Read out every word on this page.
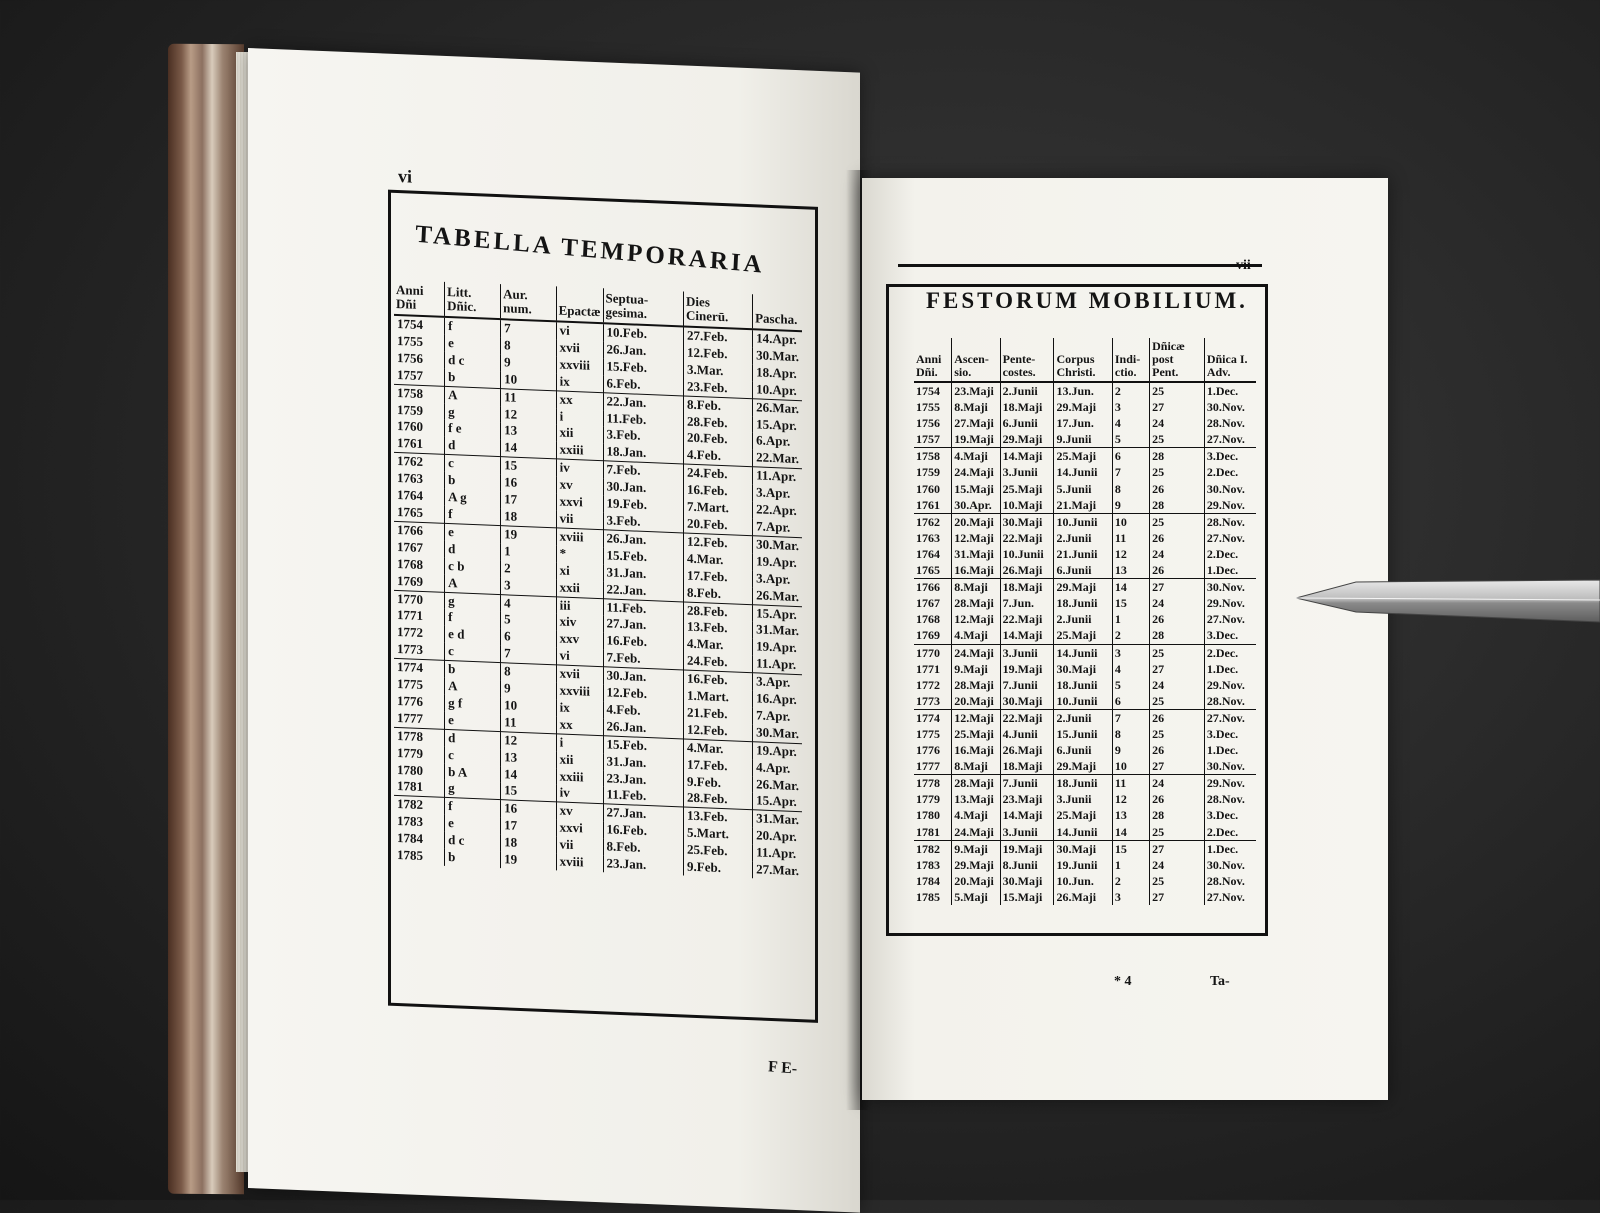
vi
TABELLA TEMPORARIA
Anni Dñi	Litt. Dñic.	Aur. num.	Epactæ	Septua-gesima.	Dies Cinerū.	Pascha.
1754	f	7	vi	10.Feb.	27.Feb.	14.Apr.
1755	e	8	xvii	26.Jan.	12.Feb.	30.Mar.
1756	d c	9	xxviii	15.Feb.	3.Mar.	18.Apr.
1757	b	10	ix	6.Feb.	23.Feb.	10.Apr.
1758	A	11	xx	22.Jan.	8.Feb.	26.Mar.
1759	g	12	i	11.Feb.	28.Feb.	15.Apr.
1760	f e	13	xii	3.Feb.	20.Feb.	6.Apr.
1761	d	14	xxiii	18.Jan.	4.Feb.	22.Mar.
1762	c	15	iv	7.Feb.	24.Feb.	11.Apr.
1763	b	16	xv	30.Jan.	16.Feb.	3.Apr.
1764	A g	17	xxvi	19.Feb.	7.Mart.	22.Apr.
1765	f	18	vii	3.Feb.	20.Feb.	7.Apr.
1766	e	19	xviii	26.Jan.	12.Feb.	30.Mar.
1767	d	1	*	15.Feb.	4.Mar.	19.Apr.
1768	c b	2	xi	31.Jan.	17.Feb.	3.Apr.
1769	A	3	xxii	22.Jan.	8.Feb.	26.Mar.
1770	g	4	iii	11.Feb.	28.Feb.	15.Apr.
1771	f	5	xiv	27.Jan.	13.Feb.	31.Mar.
1772	e d	6	xxv	16.Feb.	4.Mar.	19.Apr.
1773	c	7	vi	7.Feb.	24.Feb.	11.Apr.
1774	b	8	xvii	30.Jan.	16.Feb.	3.Apr.
1775	A	9	xxviii	12.Feb.	1.Mart.	16.Apr.
1776	g f	10	ix	4.Feb.	21.Feb.	7.Apr.
1777	e	11	xx	26.Jan.	12.Feb.	30.Mar.
1778	d	12	i	15.Feb.	4.Mar.	19.Apr.
1779	c	13	xii	31.Jan.	17.Feb.	4.Apr.
1780	b A	14	xxiii	23.Jan.	9.Feb.	26.Mar.
1781	g	15	iv	11.Feb.	28.Feb.	15.Apr.
1782	f	16	xv	27.Jan.	13.Feb.	31.Mar.
1783	e	17	xxvi	16.Feb.	5.Mart.	20.Apr.
1784	d c	18	vii	8.Feb.	25.Feb.	11.Apr.
1785	b	19	xviii	23.Jan.	9.Feb.	27.Mar.
F E-
FESTORUM MOBILIUM.
Anni Dñi.	Ascen-sio.	Pente-costes.	Corpus Christi.	Indi-ctio.	Dñicæ post Pent.	Dñica I. Adv.
1754	23.Maji	2.Junii	13.Jun.	2	25	1.Dec.
1755	8.Maji	18.Maji	29.Maji	3	27	30.Nov.
1756	27.Maji	6.Junii	17.Jun.	4	24	28.Nov.
1757	19.Maji	29.Maji	9.Junii	5	25	27.Nov.
1758	4.Maji	14.Maji	25.Maji	6	28	3.Dec.
1759	24.Maji	3.Junii	14.Junii	7	25	2.Dec.
1760	15.Maji	25.Maji	5.Junii	8	26	30.Nov.
1761	30.Apr.	10.Maji	21.Maji	9	28	29.Nov.
1762	20.Maji	30.Maji	10.Junii	10	25	28.Nov.
1763	12.Maji	22.Maji	2.Junii	11	26	27.Nov.
1764	31.Maji	10.Junii	21.Junii	12	24	2.Dec.
1765	16.Maji	26.Maji	6.Junii	13	26	1.Dec.
1766	8.Maji	18.Maji	29.Maji	14	27	30.Nov.
1767	28.Maji	7.Jun.	18.Junii	15	24	29.Nov.
1768	12.Maji	22.Maji	2.Junii	1	26	27.Nov.
1769	4.Maji	14.Maji	25.Maji	2	28	3.Dec.
1770	24.Maji	3.Junii	14.Junii	3	25	2.Dec.
1771	9.Maji	19.Maji	30.Maji	4	27	1.Dec.
1772	28.Maji	7.Junii	18.Junii	5	24	29.Nov.
1773	20.Maji	30.Maji	10.Junii	6	25	28.Nov.
1774	12.Maji	22.Maji	2.Junii	7	26	27.Nov.
1775	25.Maji	4.Junii	15.Junii	8	25	3.Dec.
1776	16.Maji	26.Maji	6.Junii	9	26	1.Dec.
1777	8.Maji	18.Maji	29.Maji	10	27	30.Nov.
1778	28.Maji	7.Junii	18.Junii	11	24	29.Nov.
1779	13.Maji	23.Maji	3.Junii	12	26	28.Nov.
1780	4.Maji	14.Maji	25.Maji	13	28	3.Dec.
1781	24.Maji	3.Junii	14.Junii	14	25	2.Dec.
1782	9.Maji	19.Maji	30.Maji	15	27	1.Dec.
1783	29.Maji	8.Junii	19.Junii	1	24	30.Nov.
1784	20.Maji	30.Maji	10.Jun.	2	25	28.Nov.
1785	5.Maji	15.Maji	26.Maji	3	27	27.Nov.
* 4	Ta-
